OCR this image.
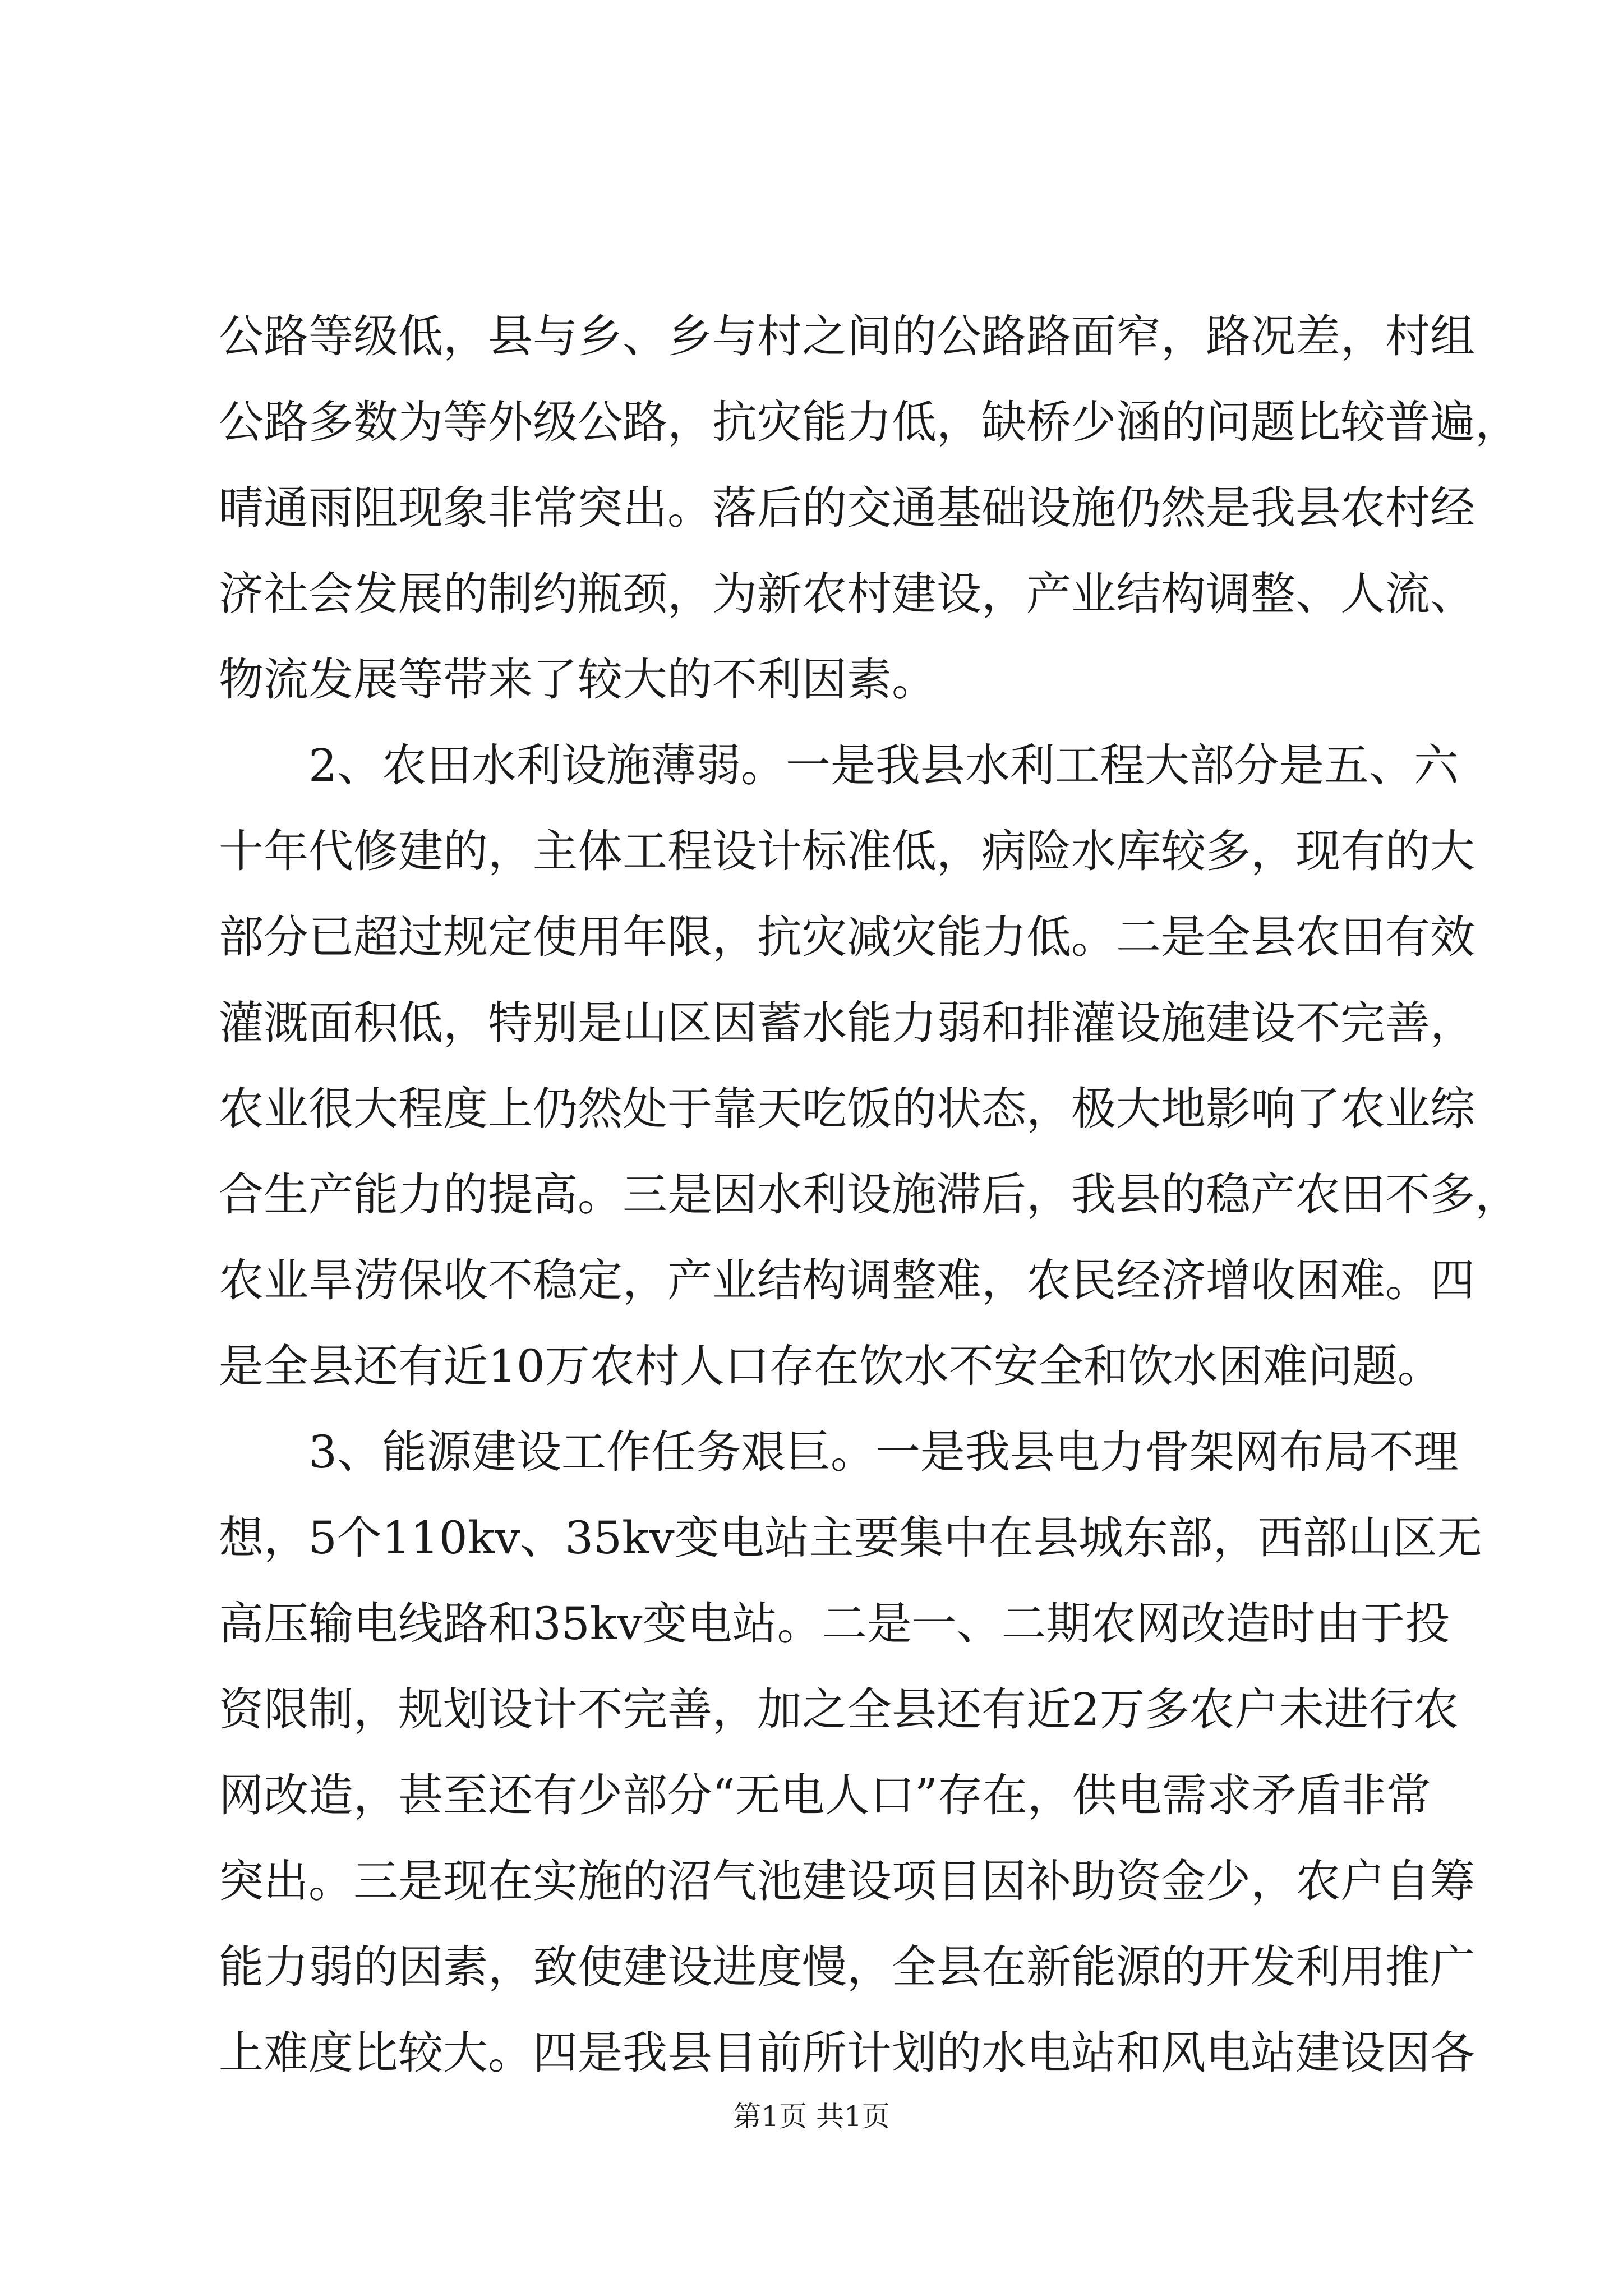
公路等级低，县与乡、乡与村之间的公路路面窄，路况差，村组
公路多数为等外级公路，抗灾能力低，缺桥少涵的问题比较普遍，
晴通雨阻现象非常突出。落后的交通基础设施仍然是我县农村经
济社会发展的制约瓶颈，为新农村建设，产业结构调整、人流、
物流发展等带来了较大的不利因素。
2、农田水利设施薄弱。一是我县水利工程大部分是五、六
十年代修建的，主体工程设计标准低，病险水库较多，现有的大
部分已超过规定使用年限，抗灾减灾能力低。二是全县农田有效
灌溉面积低，特别是山区因蓄水能力弱和排灌设施建设不完善，
农业很大程度上仍然处于靠天吃饭的状态，极大地影响了农业综
合生产能力的提高。三是因水利设施滞后，我县的稳产农田不多，
农业旱涝保收不稳定，产业结构调整难，农民经济增收困难。四
是全县还有近10万农村人口存在饮水不安全和饮水困难问题。
3、能源建设工作任务艰巨。一是我县电力骨架网布局不理
想，5个110kv、35kv变电站主要集中在县城东部，西部山区无
高压输电线路和35kv变电站。二是一、二期农网改造时由于投
资限制，规划设计不完善，加之全县还有近2万多农户未进行农
网改造，甚至还有少部分“无电人口”存在，供电需求矛盾非常
突出。三是现在实施的沼气池建设项目因补助资金少，农户自筹
能力弱的因素，致使建设进度慢，全县在新能源的开发利用推广
上难度比较大。四是我县目前所计划的水电站和风电站建设因各
第1页 共1页
